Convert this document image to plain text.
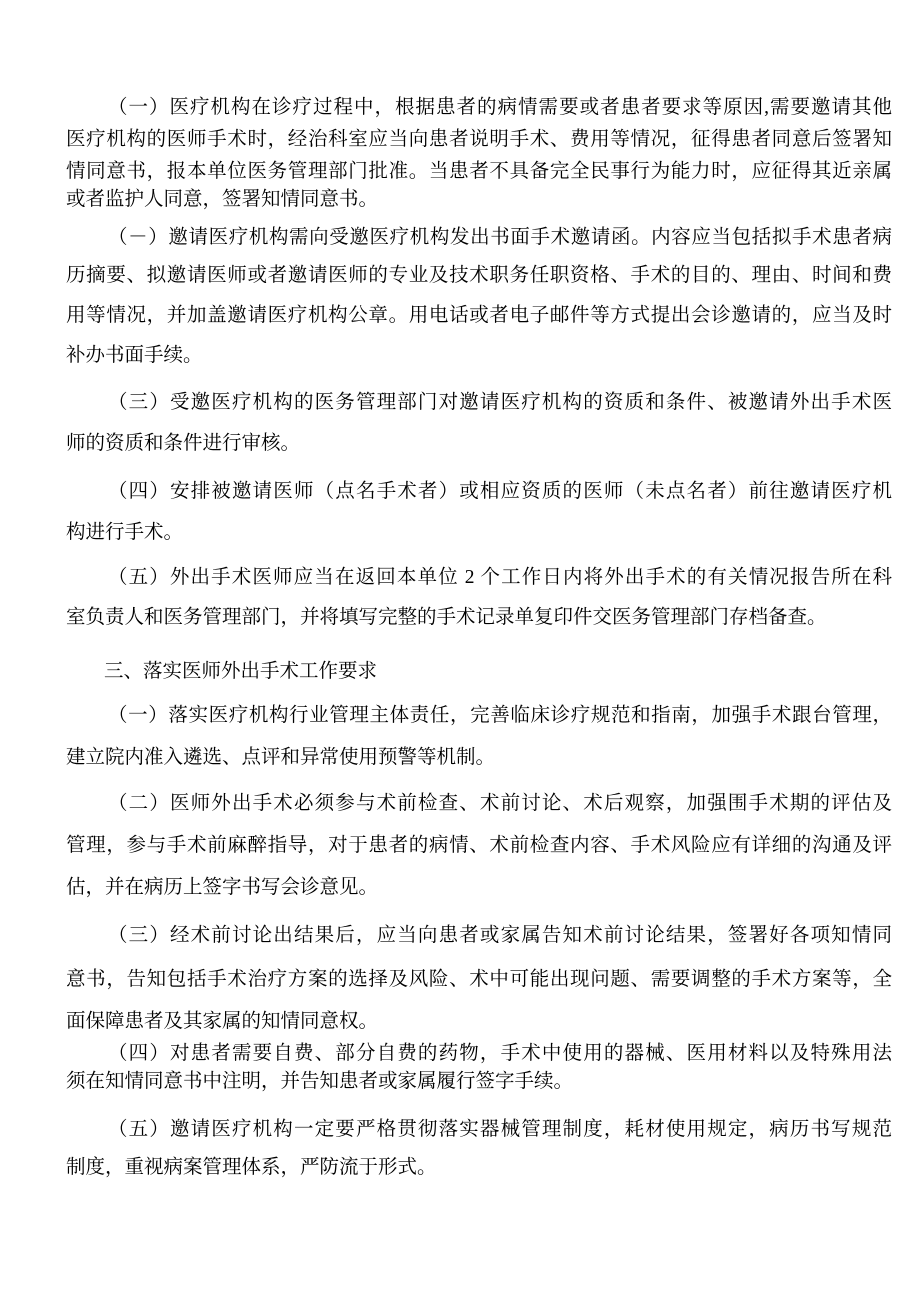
（一）医疗机构在诊疗过程中，根据患者的病情需要或者患者要求等原因,需要邀请其他
医疗机构的医师手术时，经治科室应当向患者说明手术、费用等情况，征得患者同意后签署知
情同意书，报本单位医务管理部门批准。当患者不具备完全民事行为能力时，应征得其近亲属
或者监护人同意，签署知情同意书。
（－）邀请医疗机构需向受邀医疗机构发出书面手术邀请函。内容应当包括拟手术患者病
历摘要、拟邀请医师或者邀请医师的专业及技术职务任职资格、手术的目的、理由、时间和费
用等情况，并加盖邀请医疗机构公章。用电话或者电子邮件等方式提出会诊邀请的，应当及时
补办书面手续。
（三）受邀医疗机构的医务管理部门对邀请医疗机构的资质和条件、被邀请外出手术医
师的资质和条件进行审核。
（四）安排被邀请医师（点名手术者）或相应资质的医师（未点名者）前往邀请医疗机
构进行手术。
（五）外出手术医师应当在返回本单位 2 个工作日内将外出手术的有关情况报告所在科
室负责人和医务管理部门，并将填写完整的手术记录单复印件交医务管理部门存档备查。
三、落实医师外出手术工作要求
（一）落实医疗机构行业管理主体责任，完善临床诊疗规范和指南，加强手术跟台管理，
建立院内准入遴选、点评和异常使用预警等机制。
（二）医师外出手术必须参与术前检查、术前讨论、术后观察，加强围手术期的评估及
管理，参与手术前麻醉指导，对于患者的病情、术前检查内容、手术风险应有详细的沟通及评
估，并在病历上签字书写会诊意见。
（三）经术前讨论出结果后，应当向患者或家属告知术前讨论结果，签署好各项知情同
意书，告知包括手术治疗方案的选择及风险、术中可能出现问题、需要调整的手术方案等，全
面保障患者及其家属的知情同意权。
（四）对患者需要自费、部分自费的药物，手术中使用的器械、医用材料以及特殊用法
须在知情同意书中注明，并告知患者或家属履行签字手续。
（五）邀请医疗机构一定要严格贯彻落实器械管理制度，耗材使用规定，病历书写规范
制度，重视病案管理体系，严防流于形式。
